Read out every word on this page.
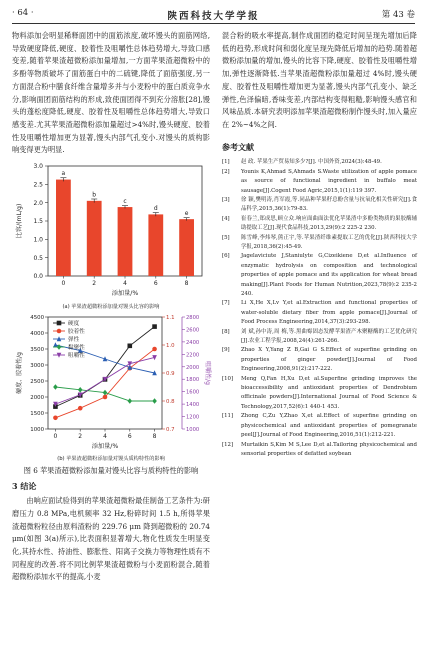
· 64 ·	陕西科技大学学报	第 43 卷

物料添加会明显稀释面团中的面筋浓度,破坏馒头的面筋网络,导致硬度降低,硬度、胶着性及咀嚼性总体趋势增大,导致口感变差,随着苹果渣超微粉添加量增加,一方面苹果渣超微粉中的多酚等物质破坏了面筋蛋白中的二硫键,降低了面筋强度,另一方面混合粉中膳食纤维含量增多并与小麦粉中的蛋白质竞争水分,影响面团面筋结构的形成,致使面团得不到充分溶胀[28],馒头的蓬松度降低,硬度、胶着性及咀嚼性总体趋势增大,导致口感变差.尤其苹果渣超微粉添加量超过>4%时,馒头硬度、胶着性及咀嚼性增加更为显著,馒头内部气孔变小.对馒头的质构影响变得更为明显.

0.0
0.5
1.0
1.5
2.0
2.5
3.0
a
0
b
2
c
4
d
6
e
8
添加量/%
比容/(mL/g)
(a) 苹果渣超微粉添加量对馒头比容的影响
1000
1500
2000
2500
3000
3500
4000
4500
0.7
0.8
0.9
1.0
1.1
1000
1200
1400
1600
1800
2000
2200
2400
2600
2800
0	2	4	6	8
添加量/%
硬度、胶着性/g	咀嚼性/g
硬度
胶着性
弹性
黏聚性
咀嚼性
(b) 苹果渣超微粉添加量对馒头质构特性的影响
图 6 苹果渣超微粉添加量对馒头比容与质构特性的影响
3 结论

由响应面试验得到的苹果渣超微粉最佳制备工艺条件为:研磨压力 0.8 MPa,电机频率 32 Hz,粉碎时间 1.5 h,所得苹果渣超微粉粒径由原料渣粉的 229.76 μm 降到超微粉的 20.74 μm(如图 3(a)所示),比表面积显著增大,物化性质发生明显变化,其持水性、持油性、膨胀性、阳离子交换力等物理性质有不同程度的改善.将不同比例苹果渣超微粉与小麦面粉混合,随着超微粉添加水平的提高,小麦

混合粉的吸水率提高,制作成面团的稳定时间呈现先增加后降低的趋势,形成时间和弱化度呈现先降低后增加的趋势.随着超微粉添加量的增加,馒头的比容下降,硬度、胶着性及咀嚼性增加,弹性逐渐降低.当苹果渣超微粉添加量超过 4%时,馒头硬度、胶着性及咀嚼性增加更为显著,馒头内部气孔变小、缺乏弹性,色泽偏暗,香味变差,内部结构变得粗糙,影响馒头感官和风味品质.本研究表明添加苹果渣超微粉制作馒头时,加入量应在 2%~4%之间.

参考文献
[1]	赵 政. 苹果生产贸易知多少?[J]. 中国外资,2024(3):48-49.
[2]	Younis K,Ahmad S,Ahmads S.Waste utilization of apple pomace as source of functional ingredient in buffalo meat sausage[J].Cogent Food Agric,2015,1(1):119 397.
[3]	徐 颖,樊明涛,肖军霞,等.同品种苹果籽总酚含量与抗氧化相关性研究[J].食品科学,2015,36(1):79-83.
[4]	崔春兰,郑成思,顾立众.响应面曲面法优化苹果渣中多酚类物质的果胶酶辅助提取工艺[J].现代食品科技,2013,29(9):2 225-2 230.
[5]	陈雪峰,李炜琴,熊正宇,等.苹果渣纤维素提取工艺的优化[J].陕西科技大学学报,2018,36(2):45-49.
[6]	Jagelaviciute J,Staniulyte G,Cizeikiene D,et al.Influence of enzymatic hydrolysis on composition and technological properties of apple pomace and its application for wheat bread making[J].Plant Foods for Human Nutrition,2023,78(9):2 235-2 240.
[7]	Li X,He X,Lv Y,et al.Extraction and functional properties of water-soluble dietary fiber from apple pomace[J].Journal of Food Process Engineering,2014,37(3):293-298.
[8]	刘 斌,孙中涛,周 梅,等.黑曲霉固态发酵苹果渣产木聚糖酶的工艺优化研究[J].农业工程学报,2008,24(4):261-266.
[9]	Zhao X Y,Yang Z B,Gai G S.Effect of superfine grinding on properties of ginger powder[J].Journal of Food Engineering,2008,91(2):217-222.
[10]	Meng Q,Fan H,Xu D,et al.Superfine grinding improves the bioaccessibility and antioxidant properties of Dendrobium officinale powders[J].International Journal of Food Science & Technology,2017,52(6):1 440-1 453.
[11]	Zhong C,Zu Y,Zhao X,et al.Effect of superfine grinding on physicochemical and antioxidant properties of pomegranate peel[J].Journal of Food Engineering,2016,51(1):212-221.
[12]	Murtaikin S,Kim M S,Lee D,et al.Tailoring physicochemical and sensorial properties of defatted soybean
